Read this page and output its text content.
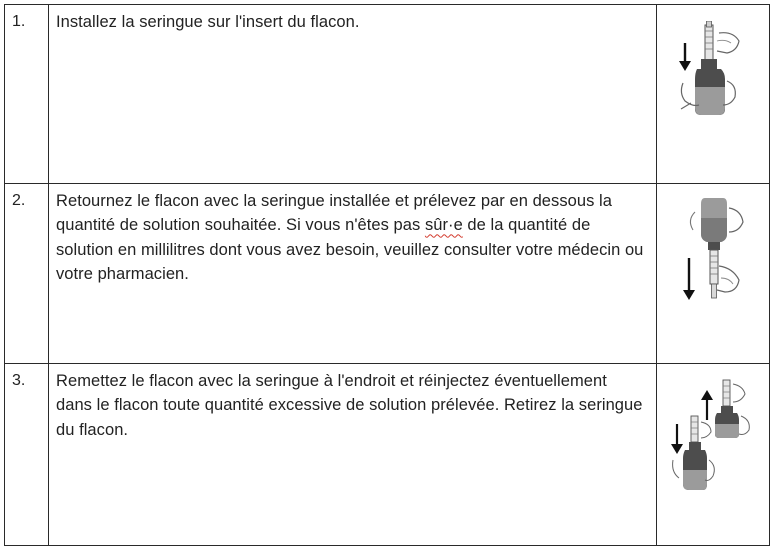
1.	Installez la seringue sur l'insert du flacon.

2.	Retournez le flacon avec la seringue installée et prélevez par en dessous la quantité de solution souhaitée. Si vous n'êtes pas sûr·e de la quantité de solution en millilitres dont vous avez besoin, veuillez consulter votre médecin ou votre pharmacien.

3.	Remettez le flacon avec la seringue à l'endroit et réinjectez éventuellement dans le flacon toute quantité excessive de solution prélevée. Retirez la seringue du flacon.
